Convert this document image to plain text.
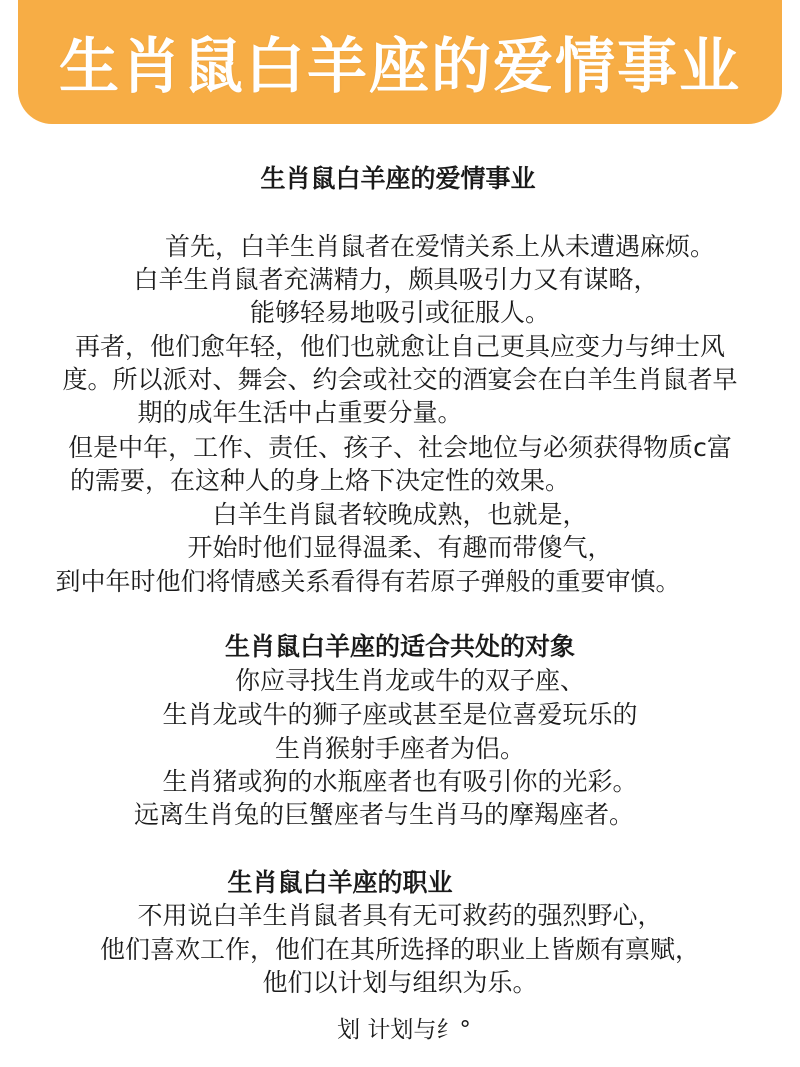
生肖鼠白羊座的爱情事业
生肖鼠白羊座的爱情事业
首先，白羊生肖鼠者在爱情关系上从未遭遇麻烦。
白羊生肖鼠者充满精力，颇具吸引力又有谋略，
能够轻易地吸引或征服人。
再者，他们愈年轻，他们也就愈让自己更具应变力与绅士风
度。所以派对、舞会、约会或社交的酒宴会在白羊生肖鼠者早
期的成年生活中占重要分量。
但是中年，工作、责任、孩子、社会地位与必须获得物质c富
的需要，在这种人的身上烙下决定性的效果。
白羊生肖鼠者较晚成熟，也就是，
开始时他们显得温柔、有趣而带傻气，
到中年时他们将情感关系看得有若原子弹般的重要审慎。
生肖鼠白羊座的适合共处的对象
你应寻找生肖龙或牛的双子座、
生肖龙或牛的狮子座或甚至是位喜爱玩乐的
生肖猴射手座者为侣。
生肖猪或狗的水瓶座者也有吸引你的光彩。
远离生肖兔的巨蟹座者与生肖马的摩羯座者。
生肖鼠白羊座的职业
不用说白羊生肖鼠者具有无可救药的强烈野心，
他们喜欢工作，他们在其所选择的职业上皆颇有禀赋，
他们以计划与组织为乐。
划 计划与纟°
